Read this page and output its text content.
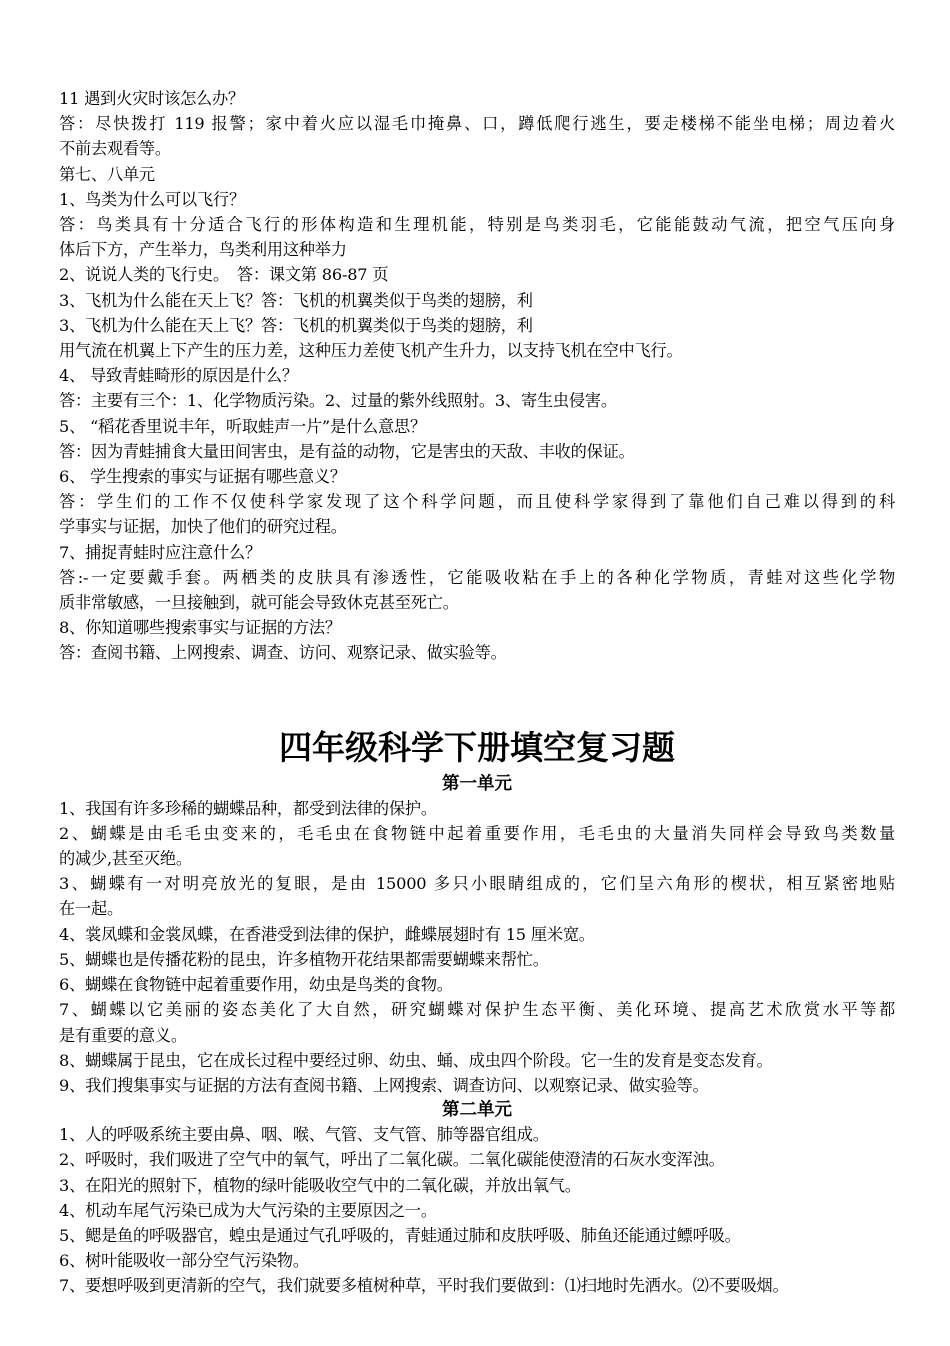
11 遇到火灾时该怎么办？
答：尽快拨打 119 报警；家中着火应以湿毛巾掩鼻、口，蹲低爬行逃生，要走楼梯不能坐电梯；周边着火
不前去观看等。
第七、八单元
1、鸟类为什么可以飞行？
答：鸟类具有十分适合飞行的形体构造和生理机能，特别是鸟类羽毛，它能能鼓动气流，把空气压向身
体后下方，产生举力，鸟类利用这种举力
2、说说人类的飞行史。　答：课文第 86-87 页
3、飞机为什么能在天上飞？答：飞机的机翼类似于鸟类的翅膀，利
3、飞机为什么能在天上飞？答：飞机的机翼类似于鸟类的翅膀，利
用气流在机翼上下产生的压力差，这种压力差使飞机产生升力，以支持飞机在空中飞行。
4、 导致青蛙畸形的原因是什么？
答：主要有三个：1、化学物质污染。2、过量的紫外线照射。3、寄生虫侵害。
5、 “稻花香里说丰年，听取蛙声一片”是什么意思？
答：因为青蛙捕食大量田间害虫，是有益的动物，它是害虫的天敌、丰收的保证。
6、 学生搜索的事实与证据有哪些意义？
答：学生们的工作不仅使科学家发现了这个科学问题，而且使科学家得到了靠他们自己难以得到的科
学事实与证据，加快了他们的研究过程。
7、捕捉青蛙时应注意什么？
答:-一定要戴手套。两栖类的皮肤具有渗透性，它能吸收粘在手上的各种化学物质，青蛙对这些化学物
质非常敏感，一旦接触到，就可能会导致休克甚至死亡。
8、你知道哪些搜索事实与证据的方法？
答：查阅书籍、上网搜索、调查、访问、观察记录、做实验等。
四年级科学下册填空复习题
第一单元
1、我国有许多珍稀的蝴蝶品种，都受到法律的保护。
2、蝴蝶是由毛毛虫变来的，毛毛虫在食物链中起着重要作用，毛毛虫的大量消失同样会导致鸟类数量
的减少,甚至灭绝。
3、蝴蝶有一对明亮放光的复眼，是由 15000 多只小眼睛组成的，它们呈六角形的楔状，相互紧密地贴
在一起。
4、裳凤蝶和金裳凤蝶，在香港受到法律的保护，雌蝶展翅时有 15 厘米宽。
5、蝴蝶也是传播花粉的昆虫，许多植物开花结果都需要蝴蝶来帮忙。
6、蝴蝶在食物链中起着重要作用，幼虫是鸟类的食物。
7、蝴蝶以它美丽的姿态美化了大自然，研究蝴蝶对保护生态平衡、美化环境、提高艺术欣赏水平等都
是有重要的意义。
8、蝴蝶属于昆虫，它在成长过程中要经过卵、幼虫、蛹、成虫四个阶段。它一生的发育是变态发育。
9、我们搜集事实与证据的方法有查阅书籍、上网搜索、调查访问、以观察记录、做实验等。
第二单元
1、人的呼吸系统主要由鼻、咽、喉、气管、支气管、肺等器官组成。
2、呼吸时，我们吸进了空气中的氧气，呼出了二氧化碳。二氧化碳能使澄清的石灰水变浑浊。
3、在阳光的照射下，植物的绿叶能吸收空气中的二氧化碳，并放出氧气。
4、机动车尾气污染已成为大气污染的主要原因之一。
5、鳃是鱼的呼吸器官，蝗虫是通过气孔呼吸的，青蛙通过肺和皮肤呼吸、肺鱼还能通过鳔呼吸。
6、树叶能吸收一部分空气污染物。
7、要想呼吸到更清新的空气，我们就要多植树种草，平时我们要做到：⑴扫地时先洒水。⑵不要吸烟。
